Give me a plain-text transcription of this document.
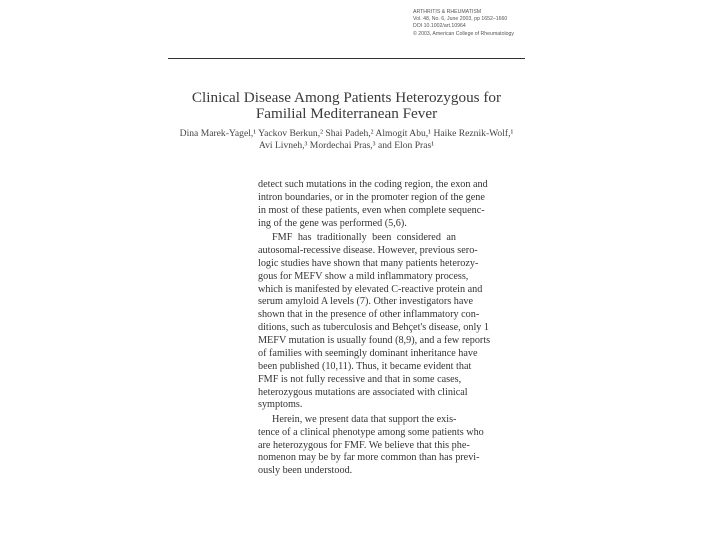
ARTHRITIS & RHEUMATISM
Vol. 48, No. 6, June 2003, pp 1652–1660
DOI 10.1002/art.10964
© 2003, American College of Rheumatology
Clinical Disease Among Patients Heterozygous for
Familial Mediterranean Fever
Dina Marek-Yagel,¹ Yackov Berkun,² Shai Padeh,² Almogit Abu,¹ Haike Reznik-Wolf,¹
Avi Livneh,³ Mordechai Pras,³ and Elon Pras¹
detect such mutations in the coding region, the exon and
intron boundaries, or in the promoter region of the gene
in most of these patients, even when complete sequenc-
ing of the gene was performed (5,6).
FMF has traditionally been considered an
autosomal-recessive disease. However, previous sero-
logic studies have shown that many patients heterozy-
gous for MEFV show a mild inflammatory process,
which is manifested by elevated C-reactive protein and
serum amyloid A levels (7). Other investigators have
shown that in the presence of other inflammatory con-
ditions, such as tuberculosis and Behçet's disease, only 1
MEFV mutation is usually found (8,9), and a few reports
of families with seemingly dominant inheritance have
been published (10,11). Thus, it became evident that
FMF is not fully recessive and that in some cases,
heterozygous mutations are associated with clinical
symptoms.
Herein, we present data that support the exis-
tence of a clinical phenotype among some patients who
are heterozygous for FMF. We believe that this phe-
nomenon may be by far more common than has previ-
ously been understood.
